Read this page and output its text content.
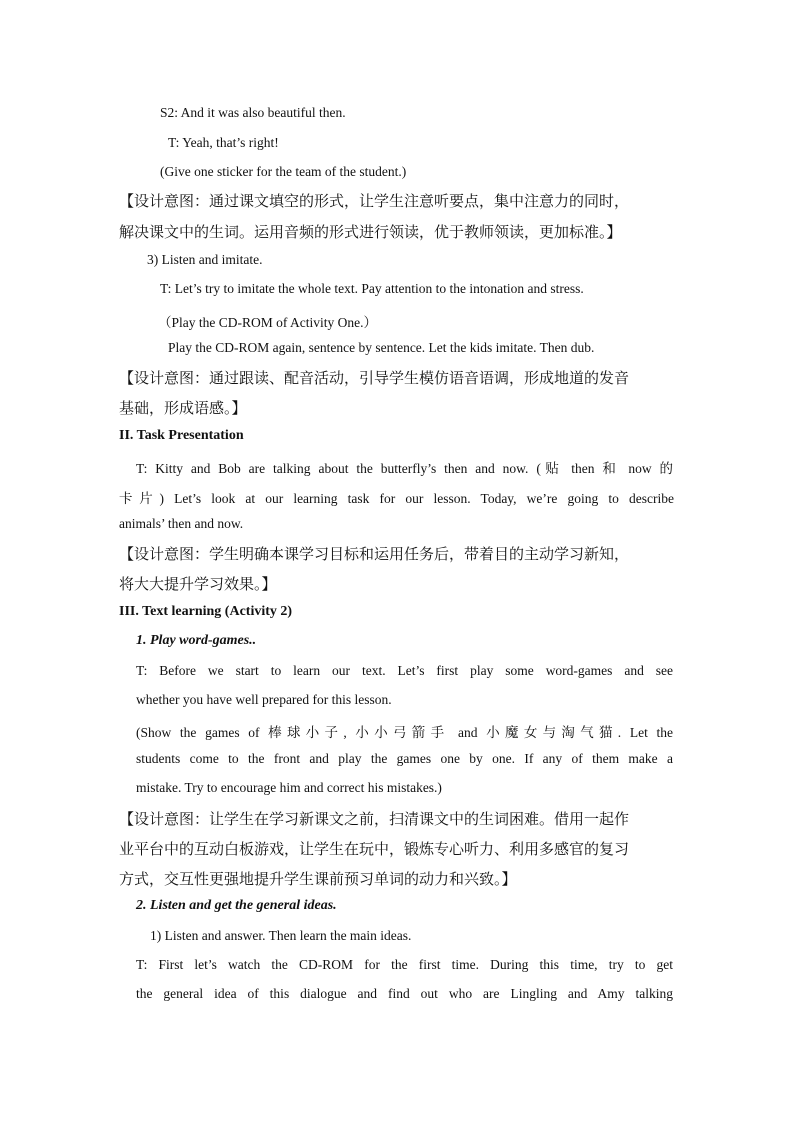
S2: And it was also beautiful then.
T: Yeah, that’s right!
(Give one sticker for the team of the student.)
【设计意图：通过课文填空的形式，让学生注意听要点，集中注意力的同时，
解决课文中的生词。运用音频的形式进行领读，优于教师领读，更加标准。】
3) Listen and imitate.
T: Let’s try to imitate the whole text. Pay attention to the intonation and stress.
（Play the CD-ROM of Activity One.）
Play the CD-ROM again, sentence by sentence. Let the kids imitate. Then dub.
【设计意图：通过跟读、配音活动，引导学生模仿语音语调，形成地道的发音
基础，形成语感。】
II. Task Presentation
T: Kitty and Bob are talking about the butterfly’s then and now. (贴 then 和 now 的
卡片) Let’s look at our learning task for our lesson. Today, we’re going to describe
animals’ then and now.
【设计意图：学生明确本课学习目标和运用任务后，带着目的主动学习新知，
将大大提升学习效果。】
III. Text learning (Activity 2)
1. Play word-games..
T: Before we start to learn our text. Let’s first play some word-games and see
whether you have well prepared for this lesson.
(Show the games of 棒球小子, 小小弓箭手 and 小魔女与淘气猫. Let the
students come to the front and play the games one by one. If any of them make a
mistake. Try to encourage him and correct his mistakes.)
【设计意图：让学生在学习新课文之前，扫清课文中的生词困难。借用一起作
业平台中的互动白板游戏，让学生在玩中，锻炼专心听力、利用多感官的复习
方式，交互性更强地提升学生课前预习单词的动力和兴致。】
2. Listen and get the general ideas.
1) Listen and answer. Then learn the main ideas.
T: First let’s watch the CD-ROM for the first time. During this time, try to get
the general idea of this dialogue and find out who are Lingling and Amy talking
